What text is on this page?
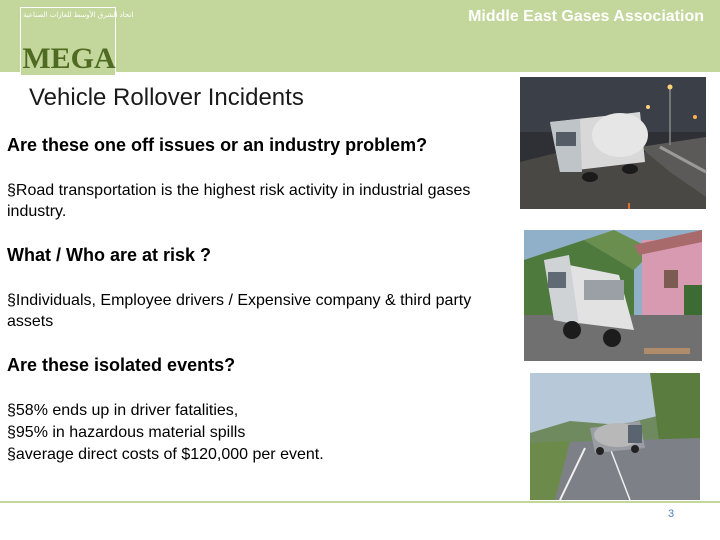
اتحاد الشرق الأوسط للغازات الصناعية
MEGA
Middle East Gases Association
Vehicle Rollover Incidents
Are these one off issues or an industry problem?
§Road transportation is the highest risk activity in industrial gases industry.
What / Who are at risk ?
§Individuals, Employee drivers / Expensive company & third party assets
Are these isolated events?
§58% ends up in driver fatalities,
§95% in hazardous material spills
§average direct costs of $120,000 per event.
3
